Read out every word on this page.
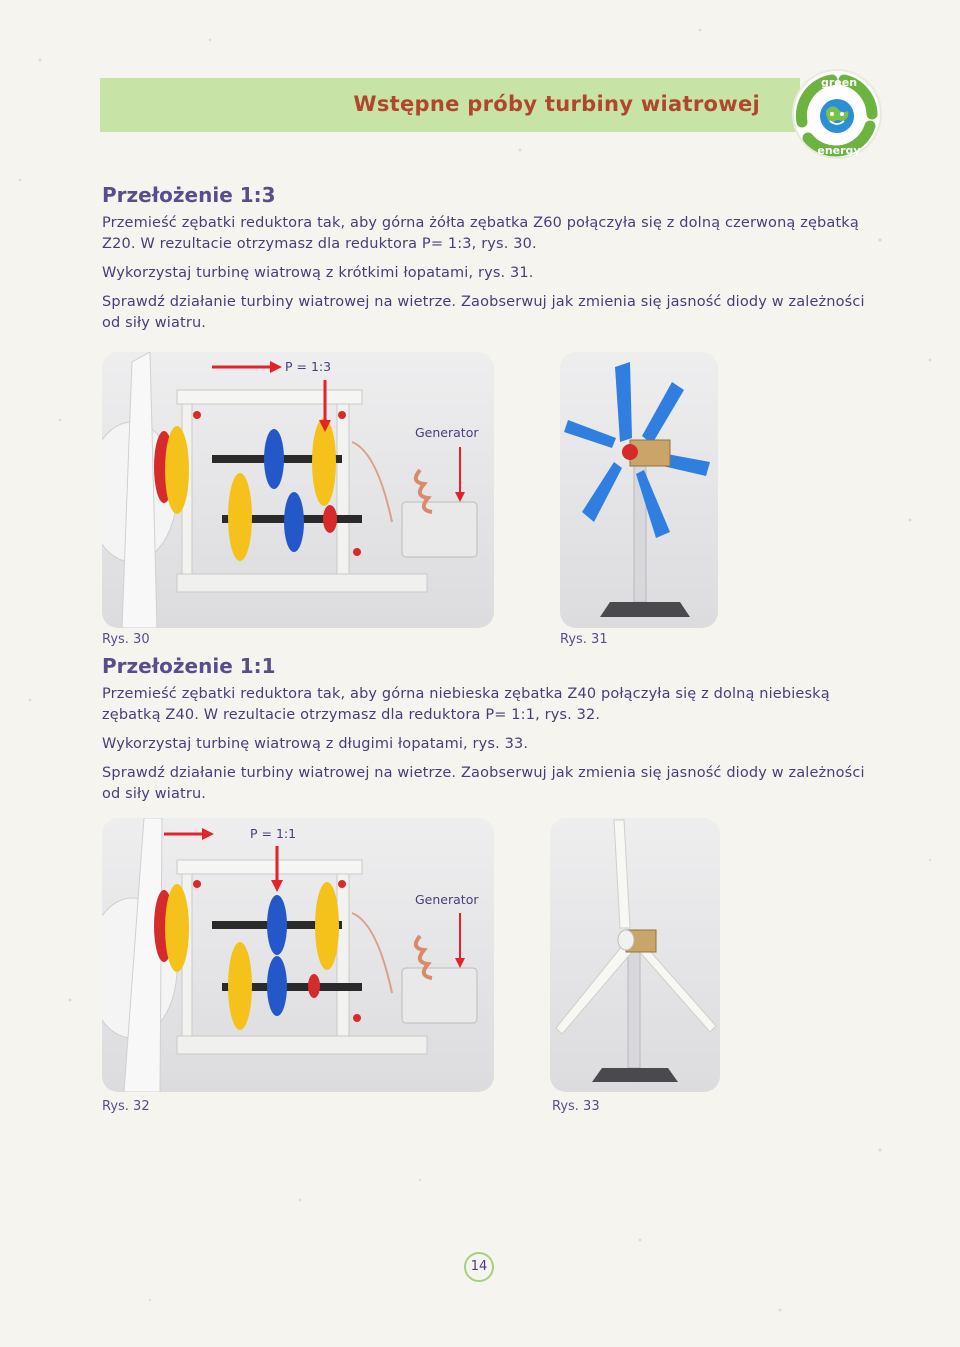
Wstępne próby turbiny wiatrowej
green
energy
Przełożenie 1:3

Przemieść zębatki reduktora tak, aby górna żółta zębatka Z60 połączyła się z dolną czerwoną zębatką Z20. W rezultacie otrzymasz dla reduktora P= 1:3, rys. 30.

Wykorzystaj turbinę wiatrową z krótkimi łopatami, rys. 31.

Sprawdź działanie turbiny wiatrowej na wietrze. Zaobserwuj jak zmienia się jasność diody w zależności od siły wiatru.

P = 1:3
Generator
Rys. 30	Rys. 31
Przełożenie 1:1

Przemieść zębatki reduktora tak, aby górna niebieska zębatka Z40 połączyła się z dolną niebieską zębatką Z40. W rezultacie otrzymasz dla reduktora P= 1:1, rys. 32.

Wykorzystaj turbinę wiatrową z długimi łopatami, rys. 33.

Sprawdź działanie turbiny wiatrowej na wietrze. Zaobserwuj jak zmienia się jasność diody w zależności od siły wiatru.

P = 1:1
Generator
Rys. 32	Rys. 33
14
